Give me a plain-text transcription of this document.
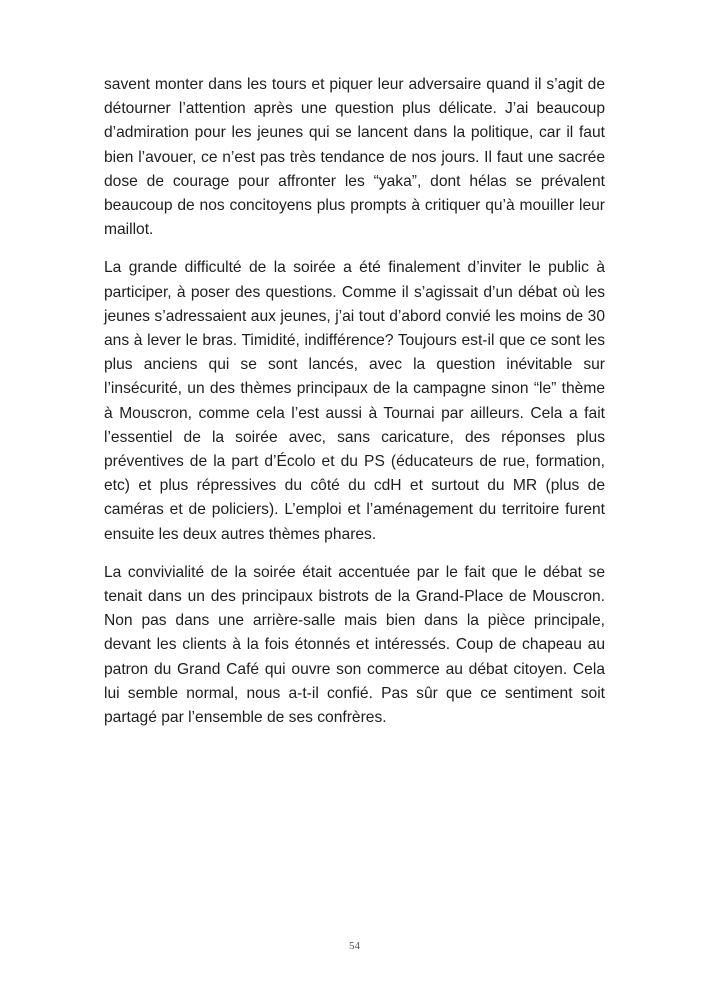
savent monter dans les tours et piquer leur adversaire quand il s’agit de détourner l’attention après une question plus délicate. J’ai beaucoup d’admiration pour les jeunes qui se lancent dans la politique, car il faut bien l’avouer, ce n’est pas très tendance de nos jours. Il faut une sacrée dose de courage pour affronter les “yaka”, dont hélas se prévalent beaucoup de nos concitoyens plus prompts à critiquer qu’à mouiller leur maillot.

La grande difficulté de la soirée a été finalement d’inviter le public à participer, à poser des questions. Comme il s’agissait d’un débat où les jeunes s’adressaient aux jeunes, j’ai tout d’abord convié les moins de 30 ans à lever le bras. Timidité, indifférence? Toujours est-il que ce sont les plus anciens qui se sont lancés, avec la question inévitable sur l’insécurité, un des thèmes principaux de la campagne sinon “le” thème à Mouscron, comme cela l’est aussi à Tournai par ailleurs. Cela a fait l’essentiel de la soirée avec, sans caricature, des réponses plus préventives de la part d’Écolo et du PS (éducateurs de rue, formation, etc) et plus répressives du côté du cdH et surtout du MR (plus de caméras et de policiers). L’emploi et l’aménagement du territoire furent ensuite les deux autres thèmes phares.

La convivialité de la soirée était accentuée par le fait que le débat se tenait dans un des principaux bistrots de la Grand-Place de Mouscron. Non pas dans une arrière-salle mais bien dans la pièce principale, devant les clients à la fois étonnés et intéressés. Coup de chapeau au patron du Grand Café qui ouvre son commerce au débat citoyen. Cela lui semble normal, nous a-t-il confié. Pas sûr que ce sentiment soit partagé par l’ensemble de ses confrères.

54
